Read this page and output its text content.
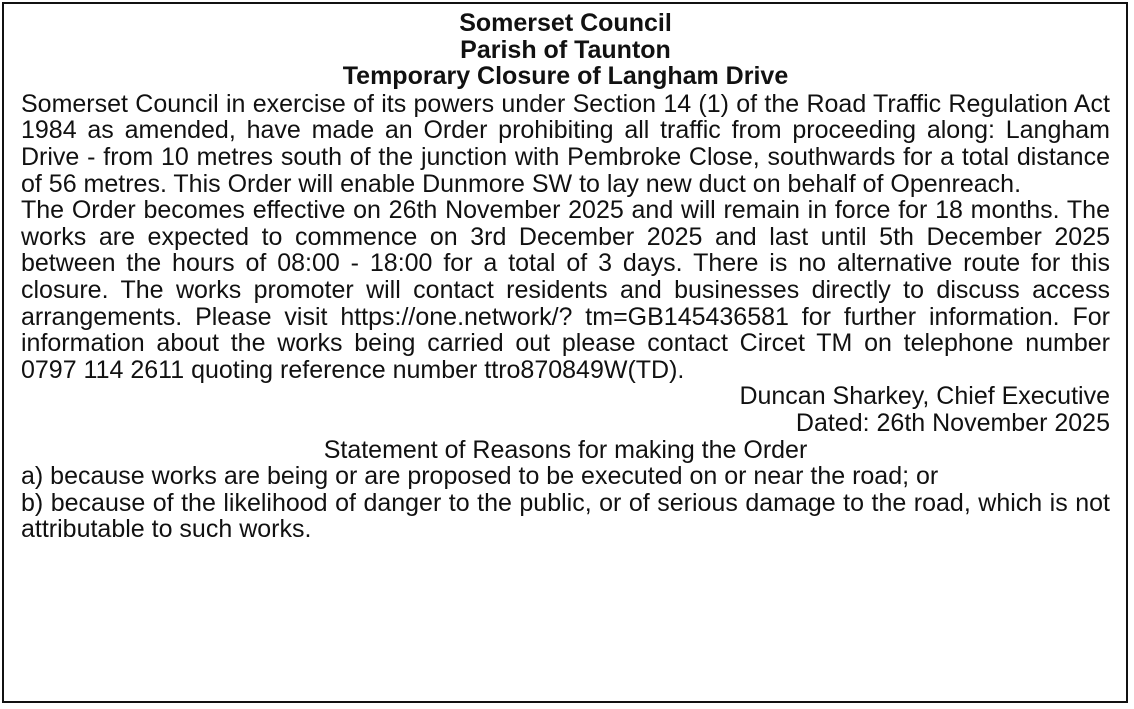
Somerset Council

Parish of Taunton

Temporary Closure of Langham Drive

Somerset Council in exercise of its powers under Section 14 (1) of the Road Traffic Regulation Act 1984 as amended, have made an Order prohibiting all traffic from proceeding along: Langham Drive - from 10 metres south of the junction with Pembroke Close, southwards for a total distance of 56 metres. This Order will enable Dunmore SW to lay new duct on behalf of Openreach.

The Order becomes effective on 26th November 2025 and will remain in force for 18 months. The works are expected to commence on 3rd December 2025 and last until 5th December 2025 between the hours of 08:00 - 18:00 for a total of 3 days. There is no alternative route for this closure. The works promoter will contact residents and businesses directly to discuss access arrangements. Please visit https://one.network/? tm=GB145436581 for further information. For information about the works being carried out please contact Circet TM on telephone number 0797 114 2611 quoting reference number ttro870849W(TD).

Duncan Sharkey, Chief Executive

Dated: 26th November 2025

Statement of Reasons for making the Order

a) because works are being or are proposed to be executed on or near the road; or

b) because of the likelihood of danger to the public, or of serious damage to the road, which is not attributable to such works.
